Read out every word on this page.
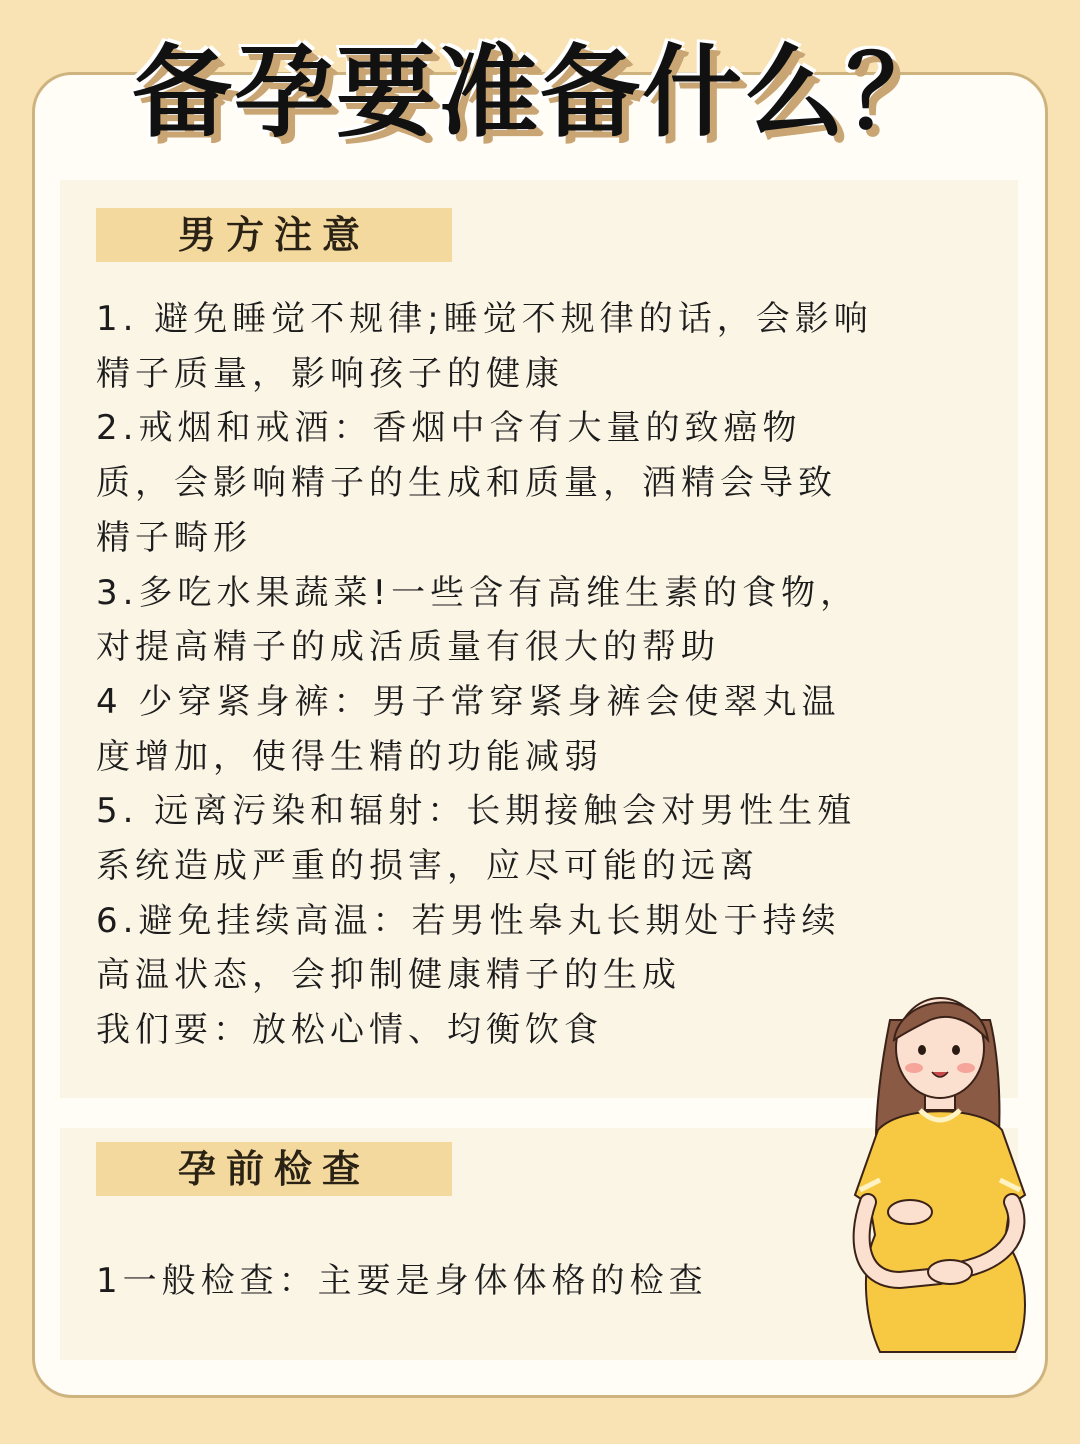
备孕要准备什么？
男方注意
1. 避免睡觉不规律;睡觉不规律的话，会影响
精子质量，影响孩子的健康
2.戒烟和戒酒：香烟中含有大量的致癌物
质，会影响精子的生成和质量，酒精会导致
精子畸形
3.多吃水果蔬菜!一些含有高维生素的食物，
对提高精子的成活质量有很大的帮助
4 少穿紧身裤：男子常穿紧身裤会使翠丸温
度增加，使得生精的功能减弱
5. 远离污染和辐射：长期接触会对男性生殖
系统造成严重的损害，应尽可能的远离
6.避免挂续高温：若男性皋丸长期处于持续
高温状态，会抑制健康精子的生成
我们要：放松心情、均衡饮食
孕前检查
1一般检查：主要是身体体格的检查
